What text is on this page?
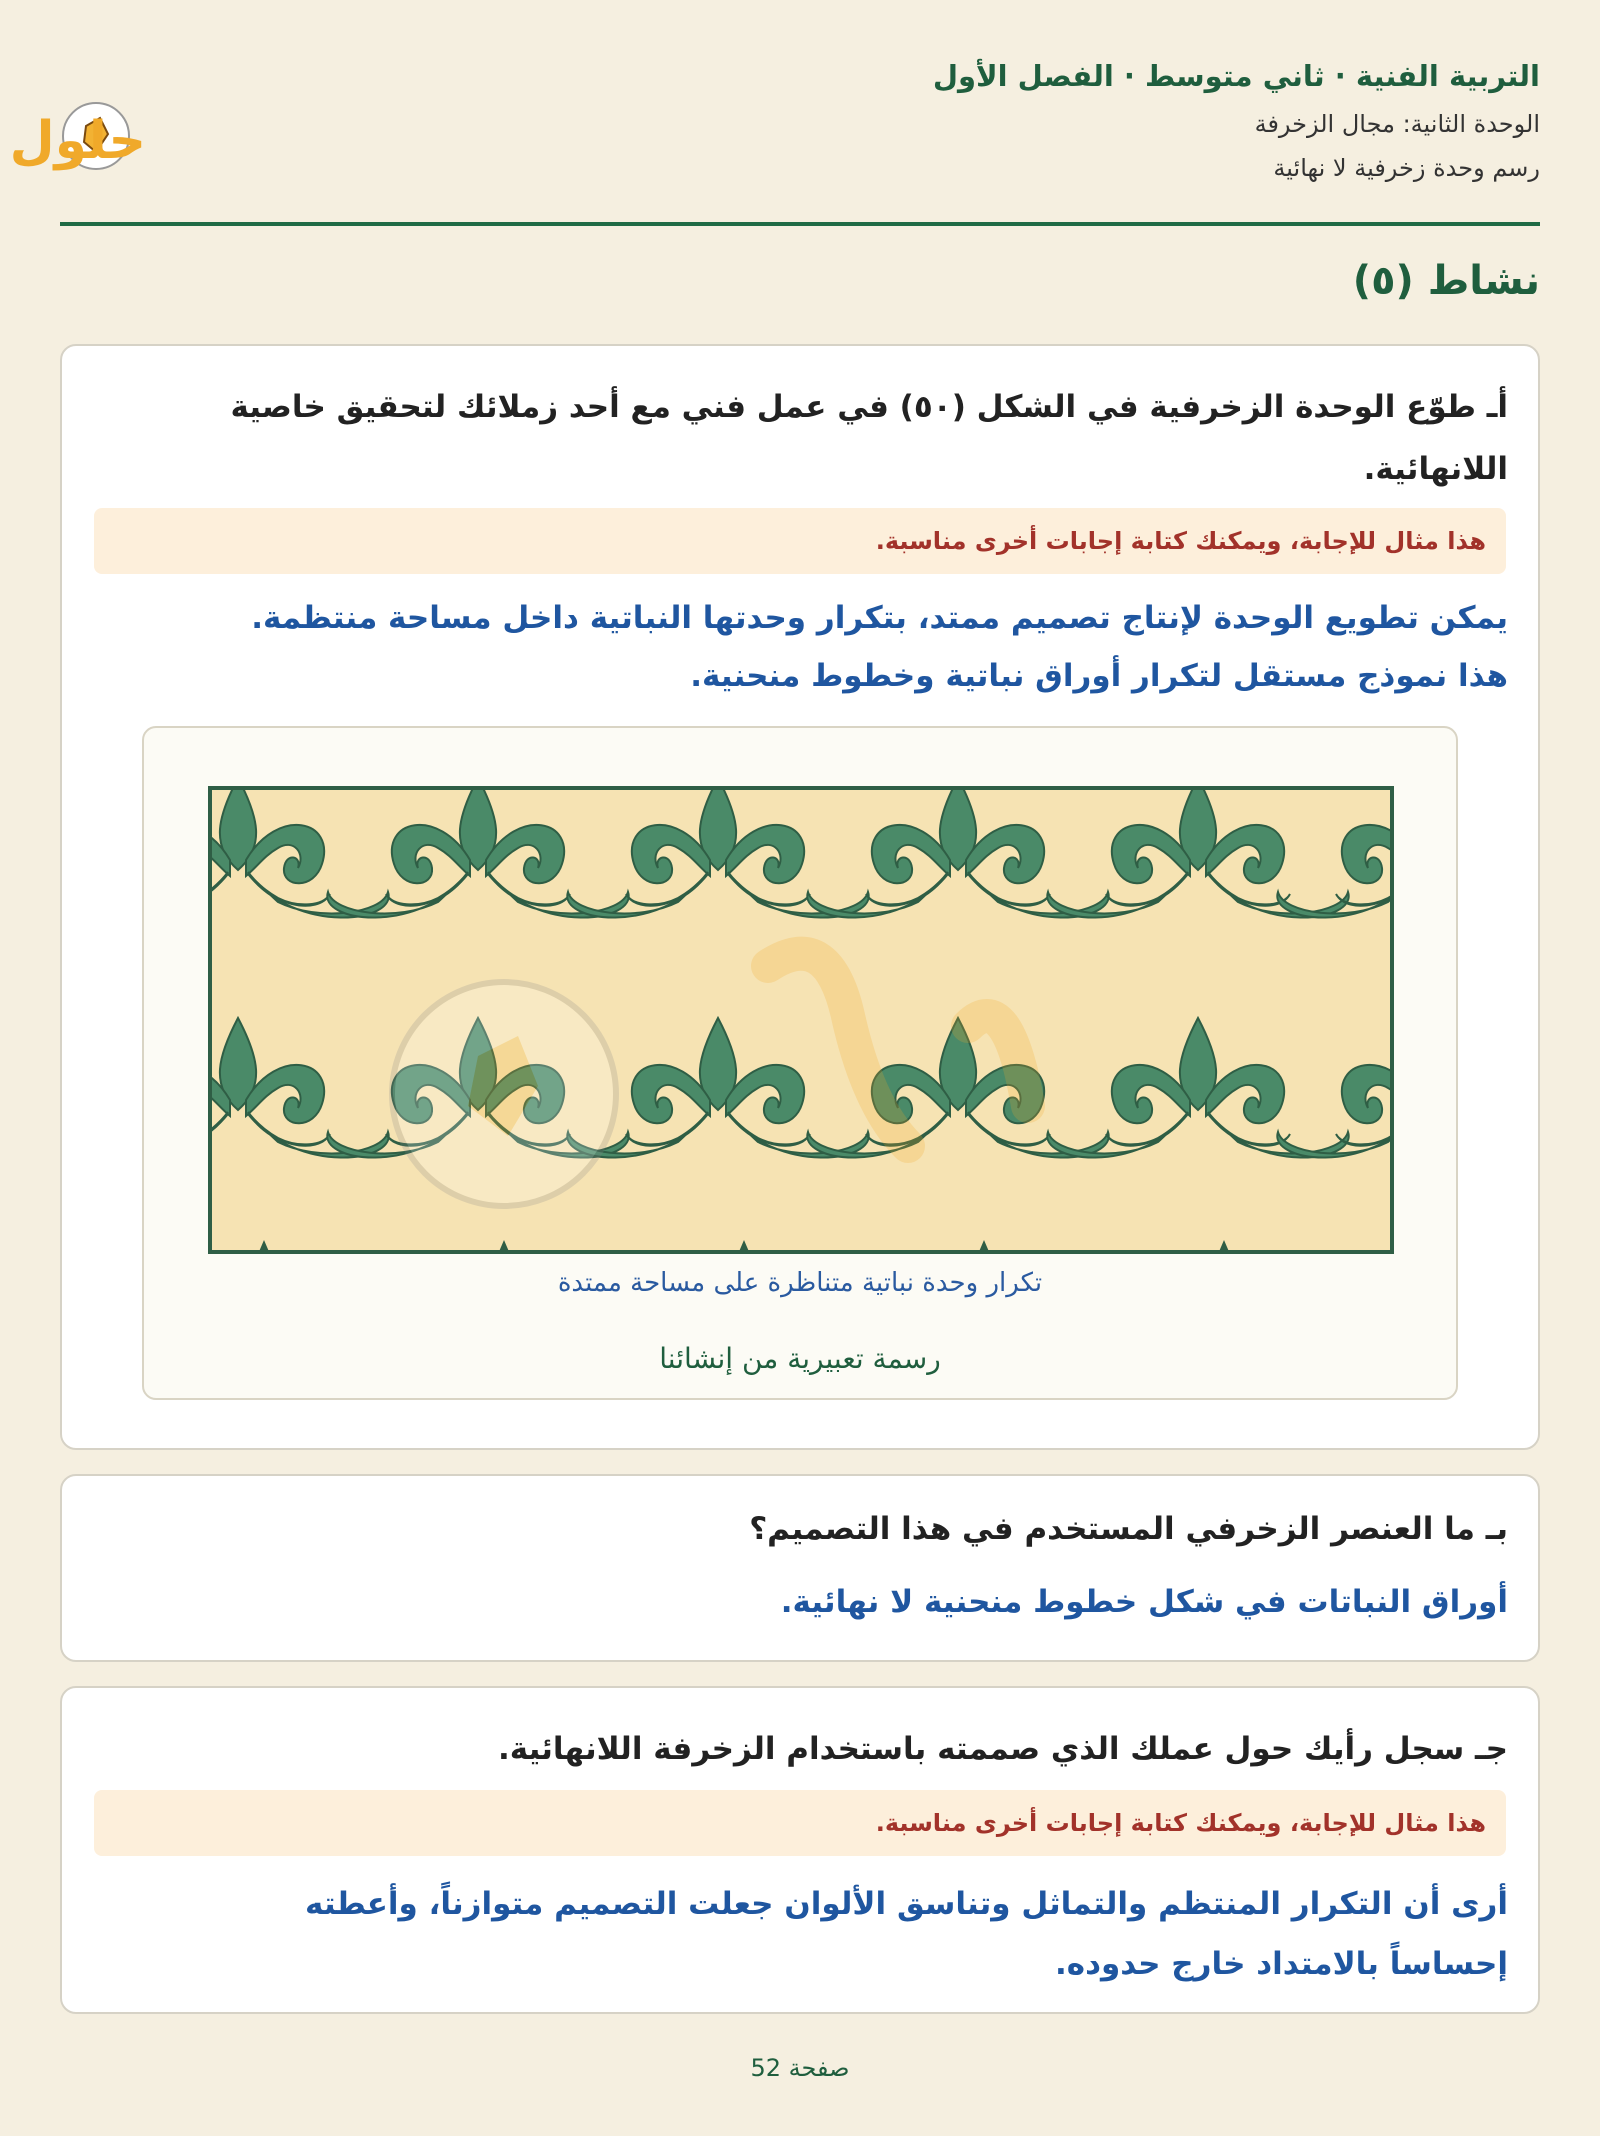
التربية الفنية · ثاني متوسط · الفصل الأول
الوحدة الثانية: مجال الزخرفة
رسم وحدة زخرفية لا نهائية
حلول
نشاط (٥)
أـ طوّع الوحدة الزخرفية في الشكل (٥٠) في عمل فني مع أحد زملائك لتحقيق خاصية اللانهائية.
هذا مثال للإجابة، ويمكنك كتابة إجابات أخرى مناسبة.
يمكن تطويع الوحدة لإنتاج تصميم ممتد، بتكرار وحدتها النباتية داخل مساحة منتظمة.
هذا نموذج مستقل لتكرار أوراق نباتية وخطوط منحنية.
تكرار وحدة نباتية متناظرة على مساحة ممتدة
رسمة تعبيرية من إنشائنا
بـ ما العنصر الزخرفي المستخدم في هذا التصميم؟
أوراق النباتات في شكل خطوط منحنية لا نهائية.
جـ سجل رأيك حول عملك الذي صممته باستخدام الزخرفة اللانهائية.
هذا مثال للإجابة، ويمكنك كتابة إجابات أخرى مناسبة.
أرى أن التكرار المنتظم والتماثل وتناسق الألوان جعلت التصميم متوازناً، وأعطته
إحساساً بالامتداد خارج حدوده.
صفحة 52
